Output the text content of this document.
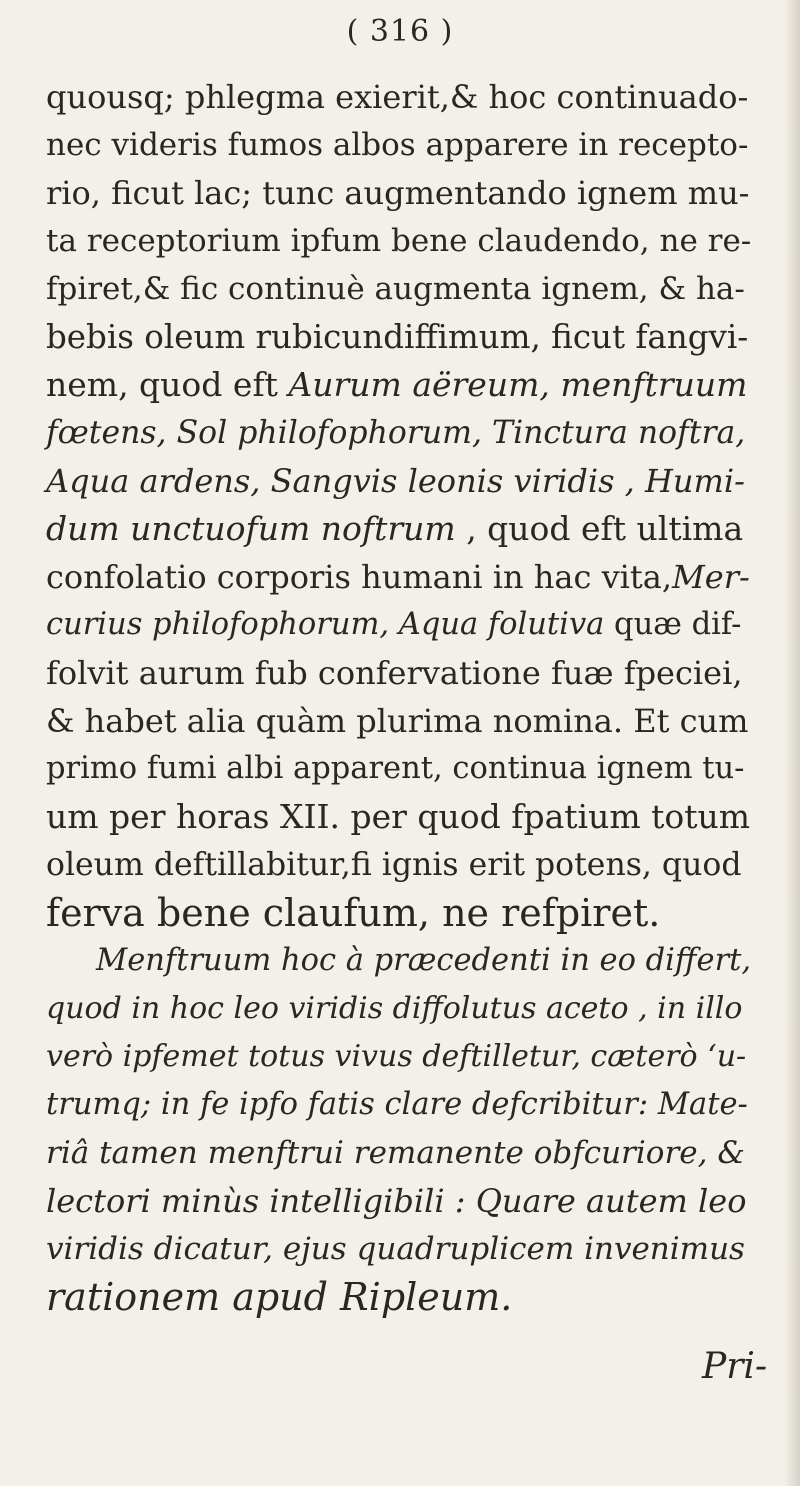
( 316 )
quousq; phlegma exierit,& hoc continuado-
nec videris fumos albos apparere in recepto-
rio, ficut lac; tunc augmentando ignem mu-
ta receptorium ipfum bene claudendo, ne re-
fpiret,& fic continuè augmenta ignem, & ha-
bebis oleum rubicundiffimum, ficut fangvi-
nem, quod eft Aurum aëreum, menftruum
fœtens, Sol philofophorum, Tinctura noftra,
Aqua ardens, Sangvis leonis viridis , Humi-
dum unctuofum noftrum , quod eft ultima
confolatio corporis humani in hac vita,Mer-
curius philofophorum, Aqua folutiva quæ dif-
folvit aurum fub confervatione fuæ fpeciei,
& habet alia quàm plurima nomina. Et cum
primo fumi albi apparent, continua ignem tu-
um per horas XII. per quod fpatium totum
oleum deftillabitur,fi ignis erit potens, quod
ferva bene claufum, ne refpiret.
Menftruum hoc à præcedenti in eo differt,
quod in hoc leo viridis diffolutus aceto , in illo
verò ipfemet totus vivus deftilletur, cæterò ‘u-
trumq; in fe ipfo fatis clare defcribitur: Mate-
riâ tamen menftrui remanente obfcuriore, &
lectori minùs intelligibili : Quare autem leo
viridis dicatur, ejus quadruplicem invenimus
rationem apud Ripleum.
Pri-
